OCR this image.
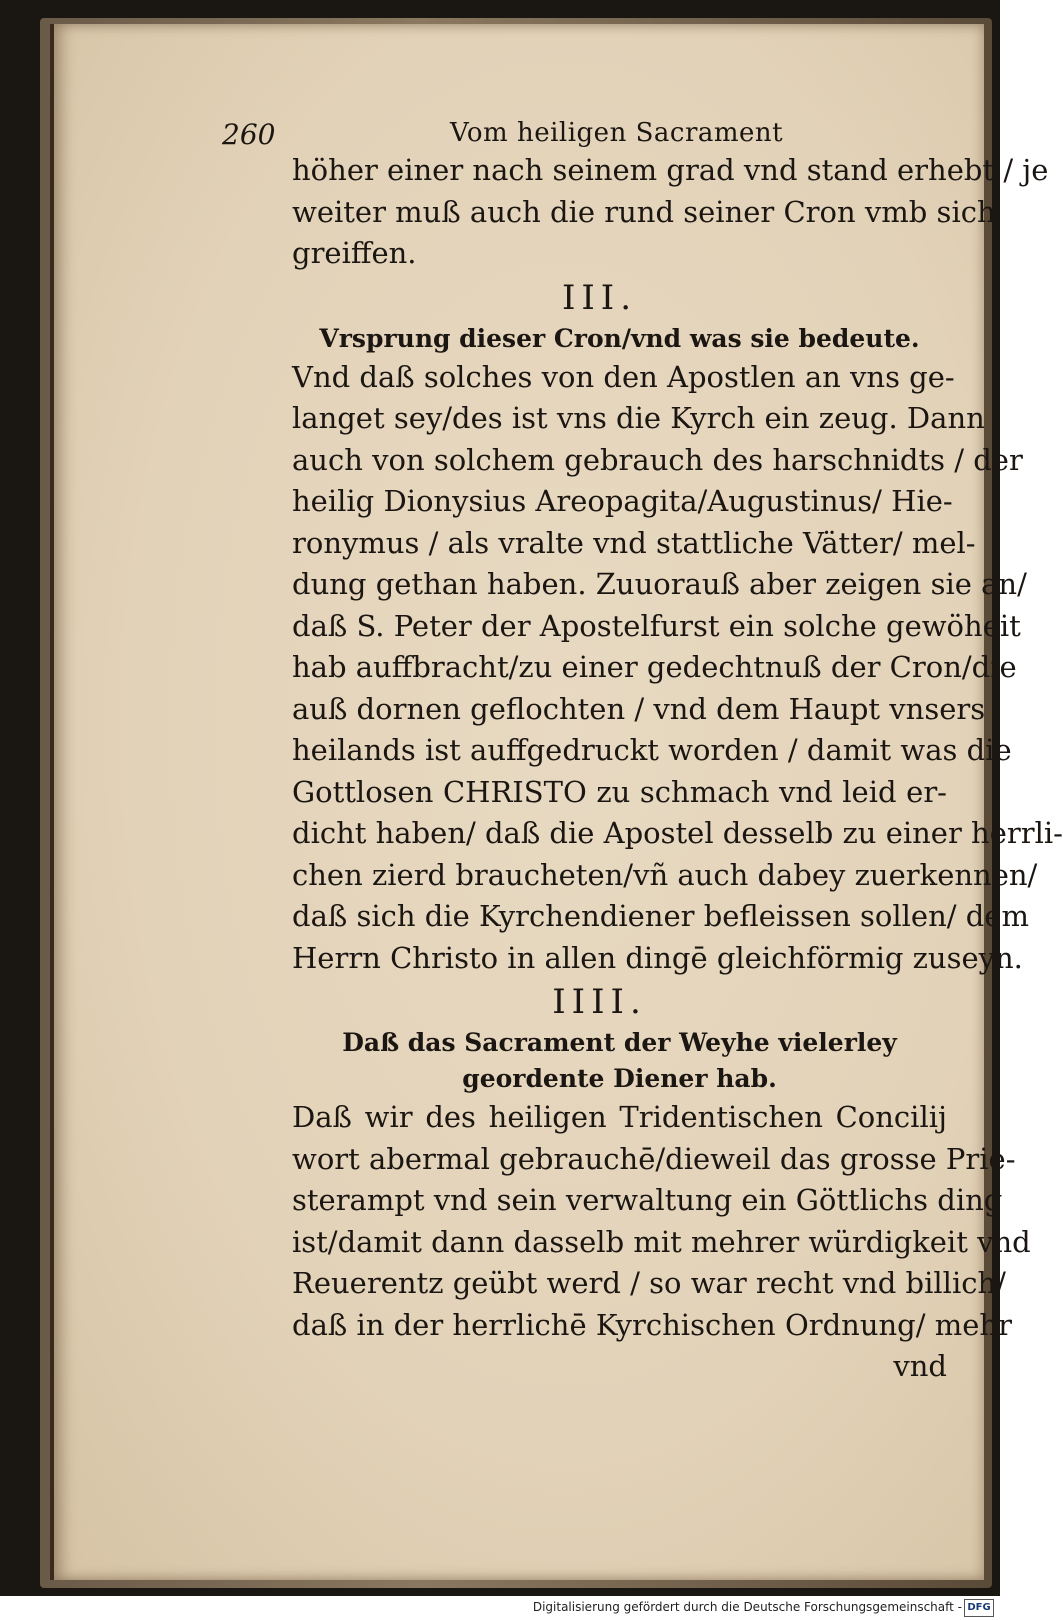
260	Vom heiligen Sacrament
höher einer nach seinem grad vnd stand erhebt / je
weiter muß auch die rund seiner Cron vmb sich
greiffen.
III.
Vrsprung dieser Cron/vnd was sie bedeute.
Vnd daß solches von den Apostlen an vns ge-
langet sey/des ist vns die Kyrch ein zeug. Dann
auch von solchem gebrauch des harschnidts / der
heilig Dionysius Areopagita/Augustinus/ Hie-
ronymus / als vralte vnd stattliche Vätter/ mel-
dung gethan haben. Zuuorauß aber zeigen sie an/
daß S. Peter der Apostelfurst ein solche gewöheit
hab auffbracht/zu einer gedechtnuß der Cron/die
auß dornen geflochten / vnd dem Haupt vnsers
heilands ist auffgedruckt worden / damit was die
Gottlosen CHRISTO zu schmach vnd leid er-
dicht haben/ daß die Apostel desselb zu einer herrli-
chen zierd braucheten/vñ auch dabey zuerkennen/
daß sich die Kyrchendiener befleissen sollen/ dem
Herrn Christo in allen dingē gleichförmig zuseyn.
IIII.
Daß das Sacrament der Weyhe vielerley
geordente Diener hab.
Daß wir des heiligen Tridentischen Concilij
wort abermal gebrauchē/dieweil das grosse Prie-
sterampt vnd sein verwaltung ein Göttlichs ding
ist/damit dann dasselb mit mehrer würdigkeit vnd
Reuerentz geübt werd / so war recht vnd billich/
daß in der herrlichē Kyrchischen Ordnung/ mehr
vnd
Digitalisierung gefördert durch die Deutsche Forschungsgemeinschaft - DFG
